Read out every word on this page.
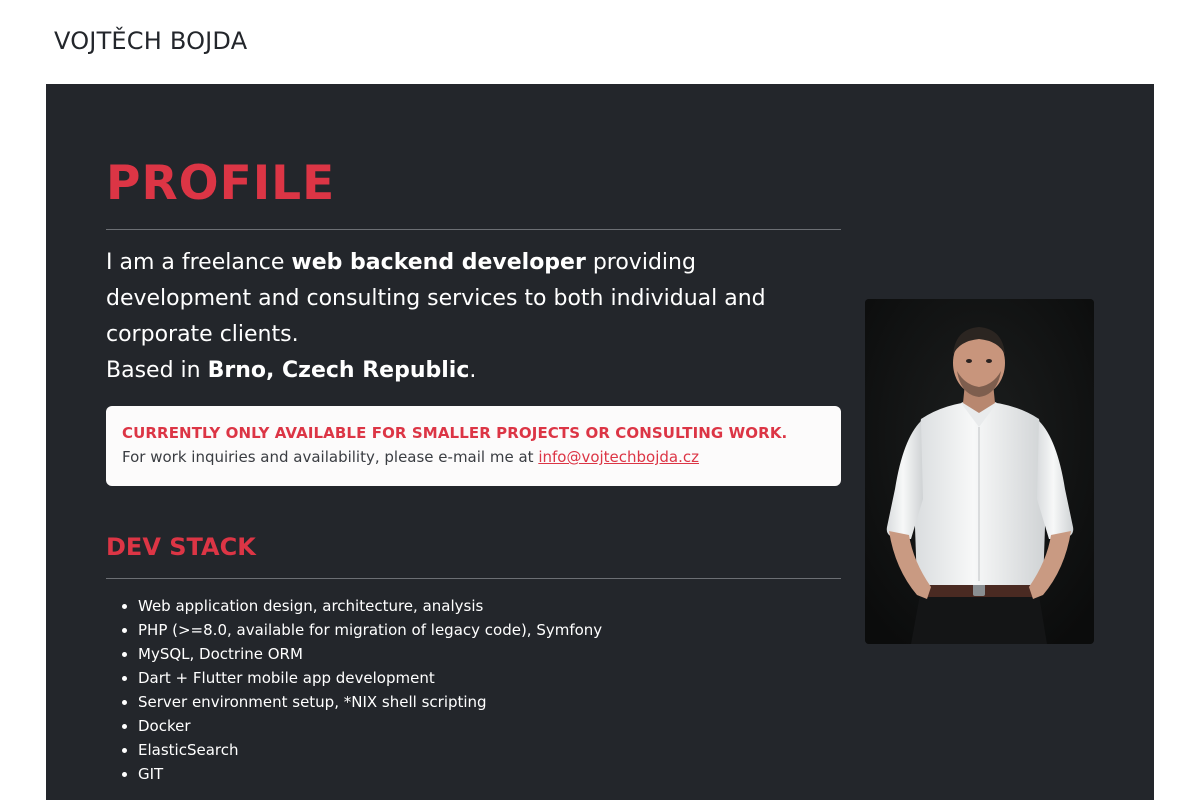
VOJTĚCH BOJDA
PROFILE

I am a freelance web backend developer providing development and consulting services to both individual and corporate clients.
Based in Brno, Czech Republic.

CURRENTLY ONLY AVAILABLE FOR SMALLER PROJECTS OR CONSULTING WORK.
For work inquiries and availability, please e-mail me at info@vojtechbojda.cz
DEV STACK
• Web application design, architecture, analysis
• PHP (>=8.0, available for migration of legacy code), Symfony
• MySQL, Doctrine ORM
• Dart + Flutter mobile app development
• Server environment setup, *NIX shell scripting
• Docker
• ElasticSearch
• GIT
